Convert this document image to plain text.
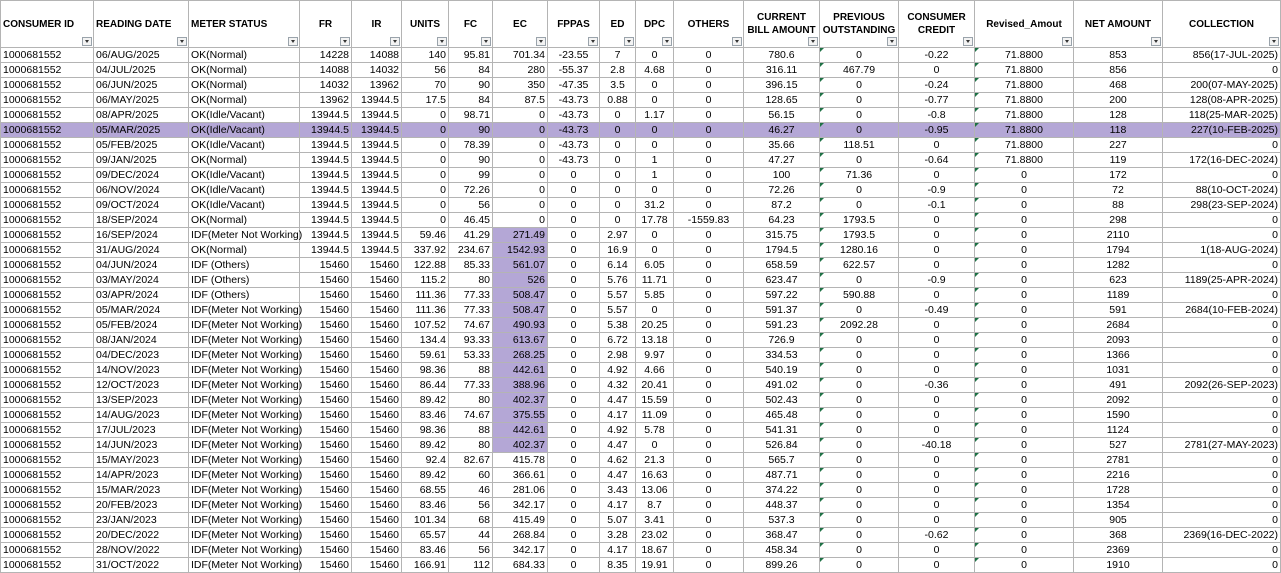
CONSUMER ID	READING DATE	METER STATUS	FR	IR	UNITS	FC	EC	FPPAS	ED	DPC	OTHERS	CURRENT BILL AMOUNT	PREVIOUS OUTSTANDING	CONSUMER CREDIT	Revised_Amout	NET AMOUNT	COLLECTION

1000681552	06/AUG/2025	OK(Normal)	14228	14088	140	95.81	701.34	-23.55	7	0	0	780.6	0	-0.22	71.8800	853	856(17-JUL-2025)
1000681552	04/JUL/2025	OK(Normal)	14088	14032	56	84	280	-55.37	2.8	4.68	0	316.11	467.79	0	71.8800	856	0
1000681552	06/JUN/2025	OK(Normal)	14032	13962	70	90	350	-47.35	3.5	0	0	396.15	0	-0.24	71.8800	468	200(07-MAY-2025)
1000681552	06/MAY/2025	OK(Normal)	13962	13944.5	17.5	84	87.5	-43.73	0.88	0	0	128.65	0	-0.77	71.8800	200	128(08-APR-2025)
1000681552	08/APR/2025	OK(Idle/Vacant)	13944.5	13944.5	0	98.71	0	-43.73	0	1.17	0	56.15	0	-0.8	71.8800	128	118(25-MAR-2025)
1000681552	05/MAR/2025	OK(Idle/Vacant)	13944.5	13944.5	0	90	0	-43.73	0	0	0	46.27	0	-0.95	71.8800	118	227(10-FEB-2025)
1000681552	05/FEB/2025	OK(Idle/Vacant)	13944.5	13944.5	0	78.39	0	-43.73	0	0	0	35.66	118.51	0	71.8800	227	0
1000681552	09/JAN/2025	OK(Normal)	13944.5	13944.5	0	90	0	-43.73	0	1	0	47.27	0	-0.64	71.8800	119	172(16-DEC-2024)
1000681552	09/DEC/2024	OK(Idle/Vacant)	13944.5	13944.5	0	99	0	0	0	1	0	100	71.36	0	0	172	0
1000681552	06/NOV/2024	OK(Idle/Vacant)	13944.5	13944.5	0	72.26	0	0	0	0	0	72.26	0	-0.9	0	72	88(10-OCT-2024)
1000681552	09/OCT/2024	OK(Idle/Vacant)	13944.5	13944.5	0	56	0	0	0	31.2	0	87.2	0	-0.1	0	88	298(23-SEP-2024)
1000681552	18/SEP/2024	OK(Normal)	13944.5	13944.5	0	46.45	0	0	0	17.78	-1559.83	64.23	1793.5	0	0	298	0
1000681552	16/SEP/2024	IDF(Meter Not Working)	13944.5	13944.5	59.46	41.29	271.49	0	2.97	0	0	315.75	1793.5	0	0	2110	0
1000681552	31/AUG/2024	OK(Normal)	13944.5	13944.5	337.92	234.67	1542.93	0	16.9	0	0	1794.5	1280.16	0	0	1794	1(18-AUG-2024)
1000681552	04/JUN/2024	IDF (Others)	15460	15460	122.88	85.33	561.07	0	6.14	6.05	0	658.59	622.57	0	0	1282	0
1000681552	03/MAY/2024	IDF (Others)	15460	15460	115.2	80	526	0	5.76	11.71	0	623.47	0	-0.9	0	623	1189(25-APR-2024)
1000681552	03/APR/2024	IDF (Others)	15460	15460	111.36	77.33	508.47	0	5.57	5.85	0	597.22	590.88	0	0	1189	0
1000681552	05/MAR/2024	IDF(Meter Not Working)	15460	15460	111.36	77.33	508.47	0	5.57	0	0	591.37	0	-0.49	0	591	2684(10-FEB-2024)
1000681552	05/FEB/2024	IDF(Meter Not Working)	15460	15460	107.52	74.67	490.93	0	5.38	20.25	0	591.23	2092.28	0	0	2684	0
1000681552	08/JAN/2024	IDF(Meter Not Working)	15460	15460	134.4	93.33	613.67	0	6.72	13.18	0	726.9	0	0	0	2093	0
1000681552	04/DEC/2023	IDF(Meter Not Working)	15460	15460	59.61	53.33	268.25	0	2.98	9.97	0	334.53	0	0	0	1366	0
1000681552	14/NOV/2023	IDF(Meter Not Working)	15460	15460	98.36	88	442.61	0	4.92	4.66	0	540.19	0	0	0	1031	0
1000681552	12/OCT/2023	IDF(Meter Not Working)	15460	15460	86.44	77.33	388.96	0	4.32	20.41	0	491.02	0	-0.36	0	491	2092(26-SEP-2023)
1000681552	13/SEP/2023	IDF(Meter Not Working)	15460	15460	89.42	80	402.37	0	4.47	15.59	0	502.43	0	0	0	2092	0
1000681552	14/AUG/2023	IDF(Meter Not Working)	15460	15460	83.46	74.67	375.55	0	4.17	11.09	0	465.48	0	0	0	1590	0
1000681552	17/JUL/2023	IDF(Meter Not Working)	15460	15460	98.36	88	442.61	0	4.92	5.78	0	541.31	0	0	0	1124	0
1000681552	14/JUN/2023	IDF(Meter Not Working)	15460	15460	89.42	80	402.37	0	4.47	0	0	526.84	0	-40.18	0	527	2781(27-MAY-2023)
1000681552	15/MAY/2023	IDF(Meter Not Working)	15460	15460	92.4	82.67	415.78	0	4.62	21.3	0	565.7	0	0	0	2781	0
1000681552	14/APR/2023	IDF(Meter Not Working)	15460	15460	89.42	60	366.61	0	4.47	16.63	0	487.71	0	0	0	2216	0
1000681552	15/MAR/2023	IDF(Meter Not Working)	15460	15460	68.55	46	281.06	0	3.43	13.06	0	374.22	0	0	0	1728	0
1000681552	20/FEB/2023	IDF(Meter Not Working)	15460	15460	83.46	56	342.17	0	4.17	8.7	0	448.37	0	0	0	1354	0
1000681552	23/JAN/2023	IDF(Meter Not Working)	15460	15460	101.34	68	415.49	0	5.07	3.41	0	537.3	0	0	0	905	0
1000681552	20/DEC/2022	IDF(Meter Not Working)	15460	15460	65.57	44	268.84	0	3.28	23.02	0	368.47	0	-0.62	0	368	2369(16-DEC-2022)
1000681552	28/NOV/2022	IDF(Meter Not Working)	15460	15460	83.46	56	342.17	0	4.17	18.67	0	458.34	0	0	0	2369	0
1000681552	31/OCT/2022	IDF(Meter Not Working)	15460	15460	166.91	112	684.33	0	8.35	19.91	0	899.26	0	0	0	1910	0
